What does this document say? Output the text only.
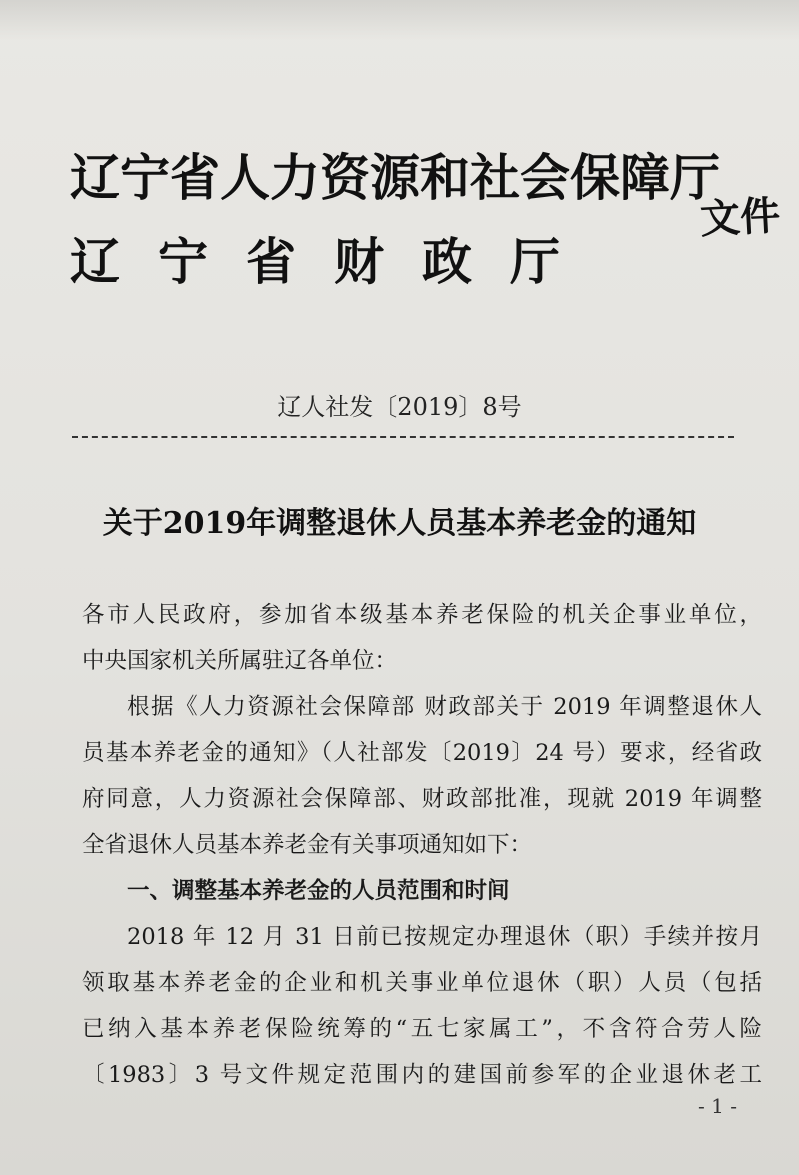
辽宁省人力资源和社会保障厅
辽宁省财政厅
文件
辽人社发〔2019〕8号
关于2019年调整退休人员基本养老金的通知
各市人民政府，参加省本级基本养老保险的机关企事业单位，
中央国家机关所属驻辽各单位：
根据《人力资源社会保障部 财政部关于 2019 年调整退休人
员基本养老金的通知》（人社部发〔2019〕24 号）要求，经省政
府同意，人力资源社会保障部、财政部批准，现就 2019 年调整
全省退休人员基本养老金有关事项通知如下：
一、调整基本养老金的人员范围和时间
2018 年 12 月 31 日前已按规定办理退休（职）手续并按月
领取基本养老金的企业和机关事业单位退休（职）人员（包括
已纳入基本养老保险统筹的“五七家属工”，不含符合劳人险
〔1983〕3 号文件规定范围内的建国前参军的企业退休老工
- 1 -
